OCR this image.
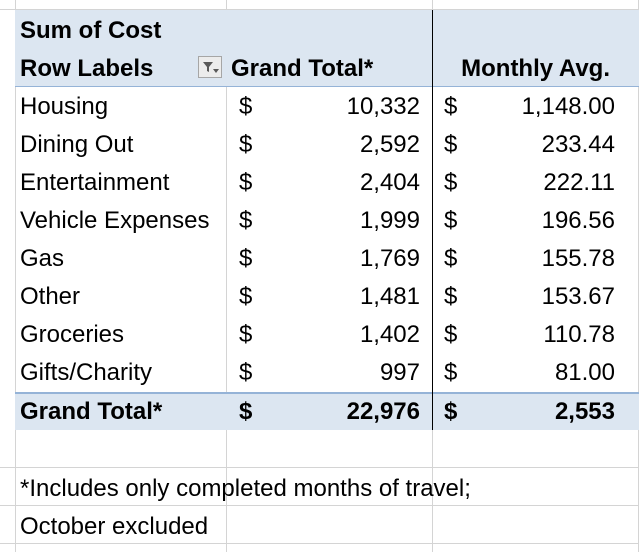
Sum of Cost
Row Labels	Grand Total*	Monthly Avg.
Housing	$	10,332 $	1,148.00
Dining Out	$	2,592 $	233.44
Entertainment	$	2,404 $	222.11
Vehicle Expenses $	1,999 $	196.56
Gas	$	1,769 $	155.78
Other	$	1,481 $	153.67
Groceries	$	1,402 $	110.78
Gifts/Charity	$	997 $	81.00
Grand Total*	$	22,976 $	2,553
*Includes only completed months of travel;
October excluded
